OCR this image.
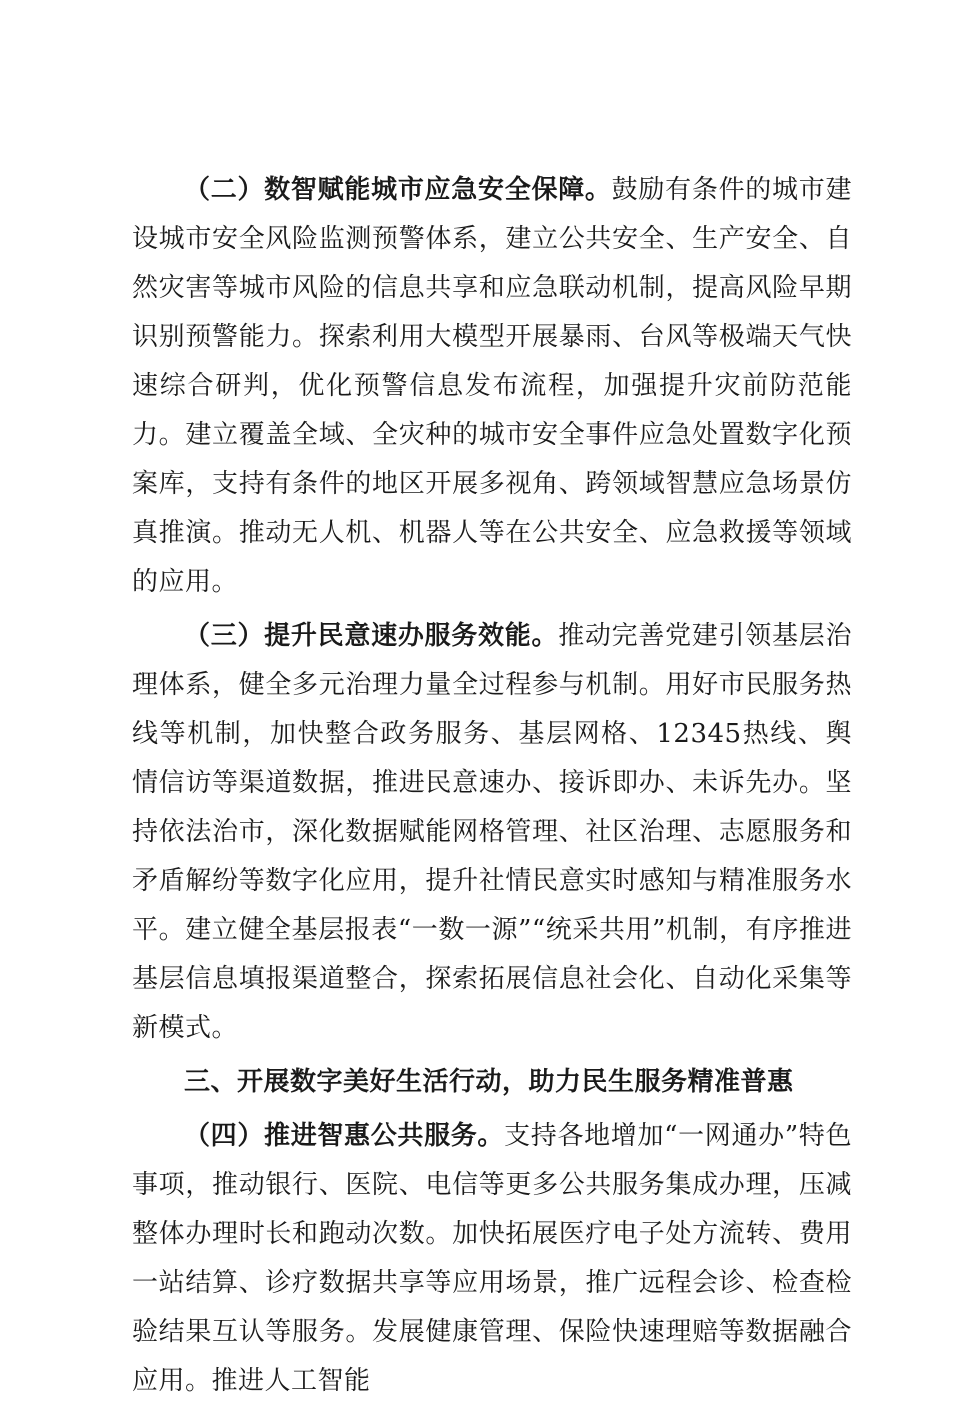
（二）数智赋能城市应急安全保障。鼓励有条件的城市建设城市安全风险监测预警体系，建立公共安全、生产安全、自然灾害等城市风险的信息共享和应急联动机制，提高风险早期识别预警能力。探索利用大模型开展暴雨、台风等极端天气快速综合研判，优化预警信息发布流程，加强提升灾前防范能力。建立覆盖全域、全灾种的城市安全事件应急处置数字化预案库，支持有条件的地区开展多视角、跨领域智慧应急场景仿真推演。推动无人机、机器人等在公共安全、应急救援等领域的应用。

（三）提升民意速办服务效能。推动完善党建引领基层治理体系，健全多元治理力量全过程参与机制。用好市民服务热线等机制，加快整合政务服务、基层网格、12345热线、舆情信访等渠道数据，推进民意速办、接诉即办、未诉先办。坚持依法治市，深化数据赋能网格管理、社区治理、志愿服务和矛盾解纷等数字化应用，提升社情民意实时感知与精准服务水平。建立健全基层报表“一数一源”“统采共用”机制，有序推进基层信息填报渠道整合，探索拓展信息社会化、自动化采集等新模式。

三、开展数字美好生活行动，助力民生服务精准普惠

（四）推进智惠公共服务。支持各地增加“一网通办”特色事项，推动银行、医院、电信等更多公共服务集成办理，压减整体办理时长和跑动次数。加快拓展医疗电子处方流转、费用一站结算、诊疗数据共享等应用场景，推广远程会诊、检查检验结果互认等服务。发展健康管理、保险快速理赔等数据融合应用。推进人工智能
